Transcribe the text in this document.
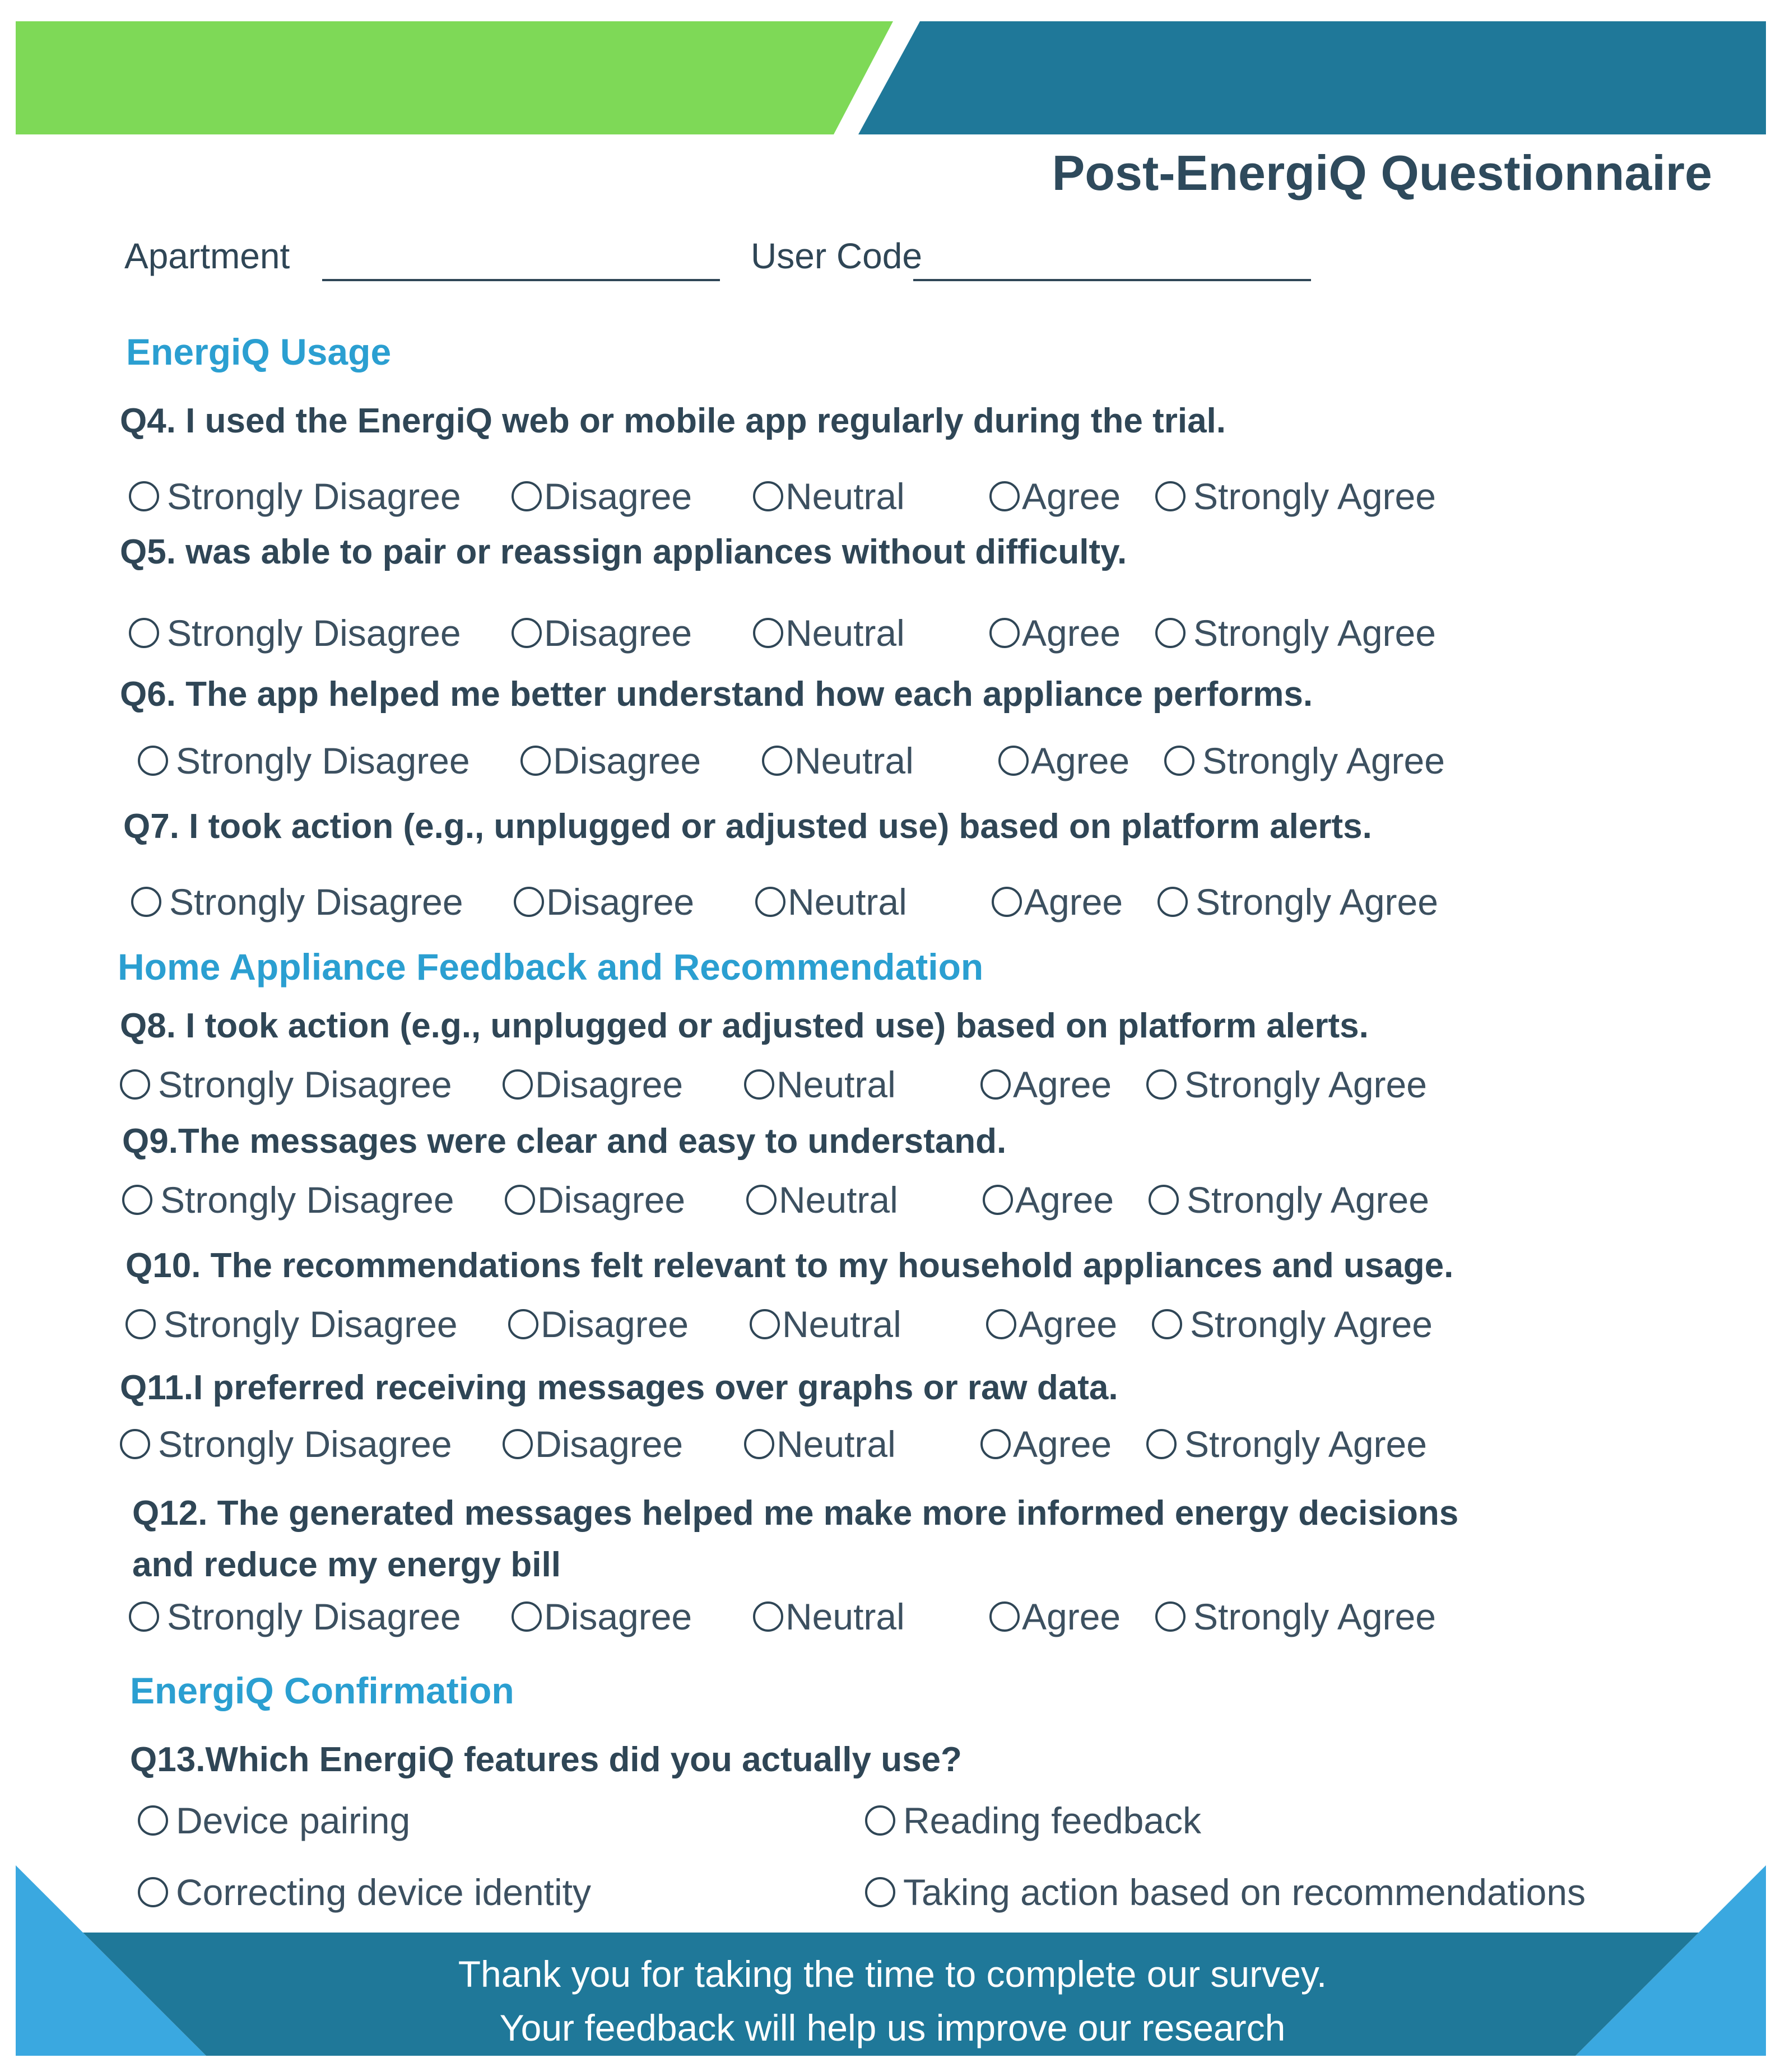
Post-EnergiQ Questionnaire
Apartment	User Code
EnergiQ Usage
Home Appliance Feedback and Recommendation
EnergiQ Confirmation
Q4. I used the EnergiQ web or mobile app regularly during the trial.
Q5. was able to pair or reassign appliances without difficulty.
Q6. The app helped me better understand how each appliance performs.
Q7. I took action (e.g., unplugged or adjusted use) based on platform alerts.
Q8. I took action (e.g., unplugged or adjusted use) based on platform alerts.
Q9.The messages were clear and easy to understand.
Q10. The recommendations felt relevant to my household appliances and usage.
Q11.I preferred receiving messages over graphs or raw data.
Q12. The generated messages helped me make more informed energy decisions and reduce my energy bill
Q13.Which EnergiQ features did you actually use?
Strongly Disagree Disagree	Neutral	Agree Strongly Agree
Strongly Disagree Disagree	Neutral	Agree Strongly Agree
Strongly Disagree Disagree	Neutral	Agree Strongly Agree
Strongly Disagree Disagree	Neutral	Agree Strongly Agree
Strongly Disagree Disagree	Neutral	Agree Strongly Agree
Strongly Disagree Disagree	Neutral	Agree Strongly Agree
Strongly Disagree Disagree	Neutral	Agree Strongly Agree
Strongly Disagree Disagree	Neutral	Agree Strongly Agree
Strongly Disagree Disagree	Neutral	Agree Strongly Agree
Device pairing	Reading feedback
Correcting device identity	Taking action based on recommendations
Thank you for taking the time to complete our survey.
Your feedback will help us improve our research
